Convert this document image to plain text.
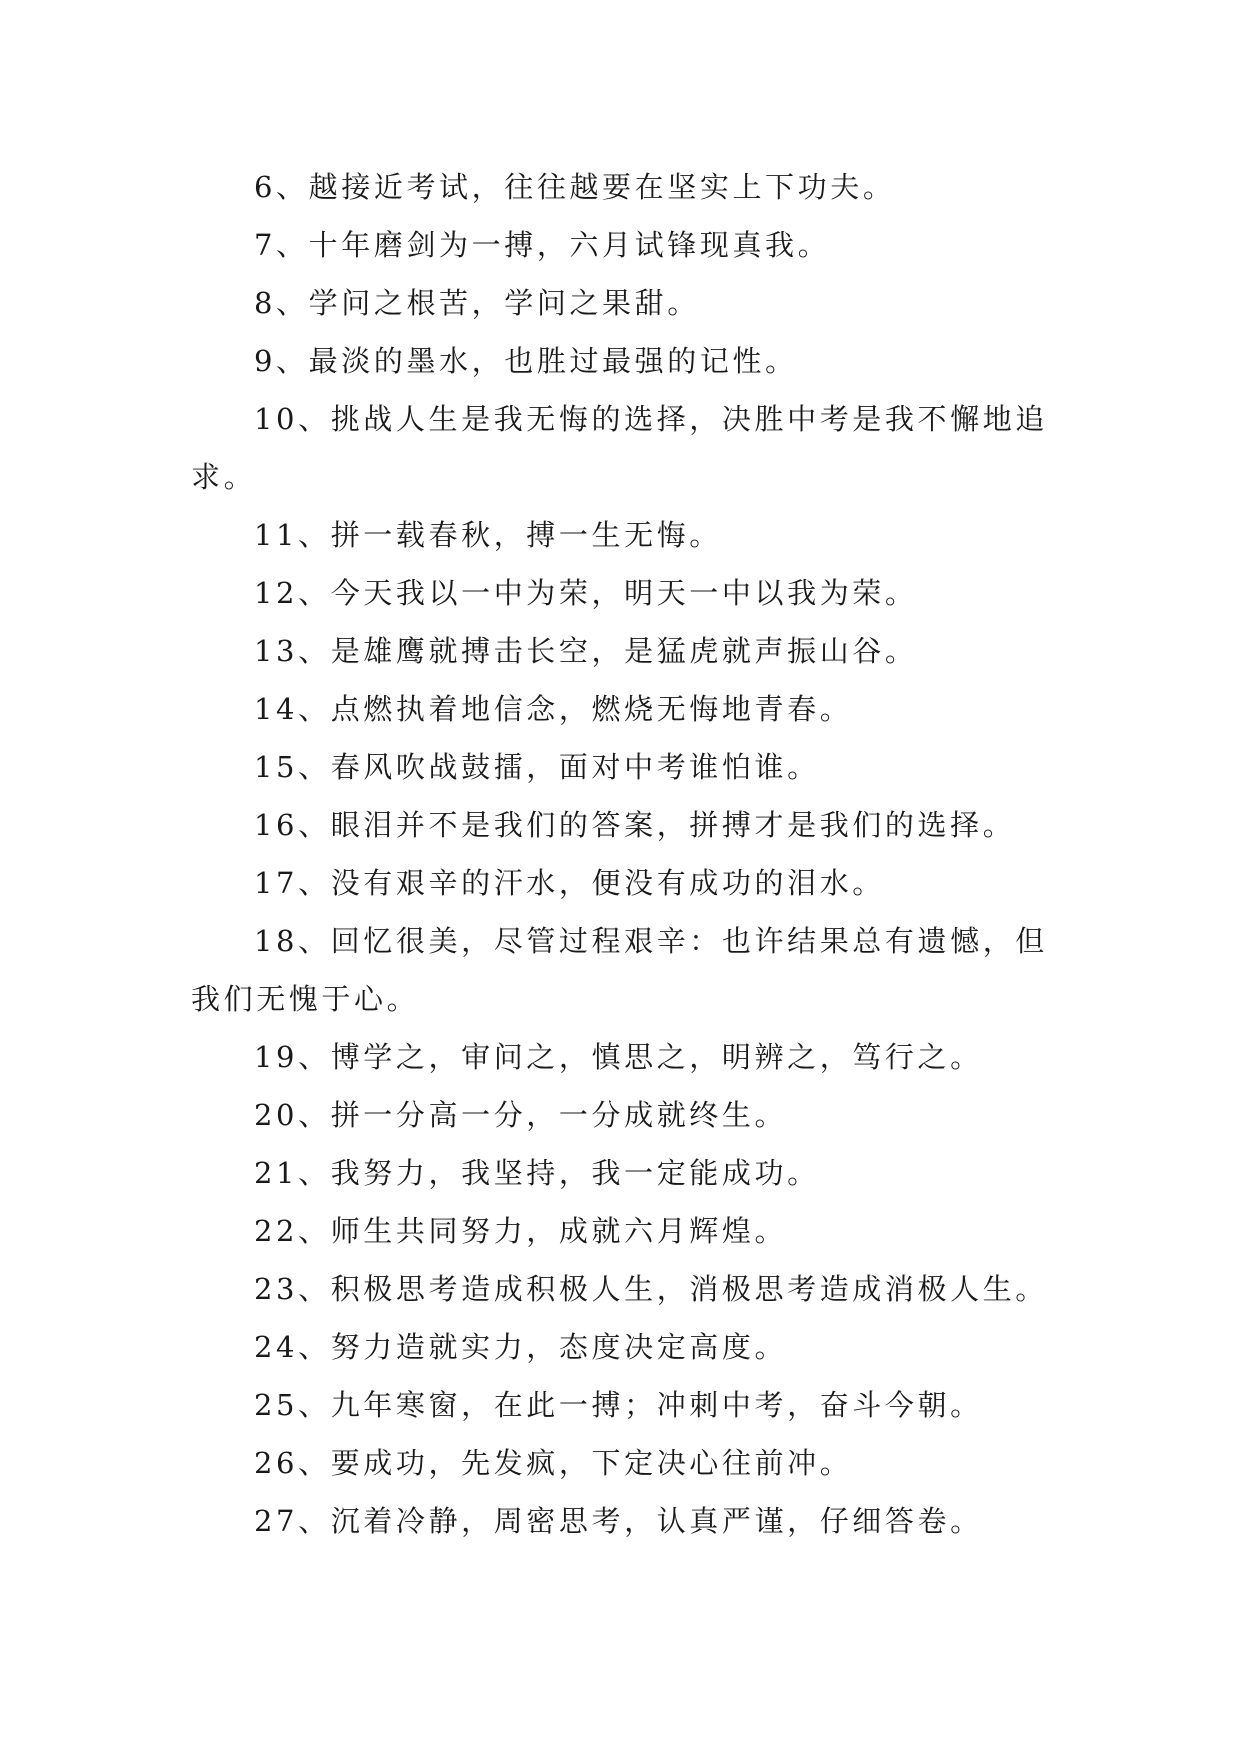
6、越接近考试，往往越要在坚实上下功夫。

7、十年磨剑为一搏，六月试锋现真我。

8、学问之根苦，学问之果甜。

9、最淡的墨水，也胜过最强的记性。

10、挑战人生是我无悔的选择，决胜中考是我不懈地追求。

11、拼一载春秋，搏一生无悔。

12、今天我以一中为荣，明天一中以我为荣。

13、是雄鹰就搏击长空，是猛虎就声振山谷。

14、点燃执着地信念，燃烧无悔地青春。

15、春风吹战鼓擂，面对中考谁怕谁。

16、眼泪并不是我们的答案，拼搏才是我们的选择。

17、没有艰辛的汗水，便没有成功的泪水。

18、回忆很美，尽管过程艰辛：也许结果总有遗憾，但我们无愧于心。

19、博学之，审问之，慎思之，明辨之，笃行之。

20、拼一分高一分，一分成就终生。

21、我努力，我坚持，我一定能成功。

22、师生共同努力，成就六月辉煌。

23、积极思考造成积极人生，消极思考造成消极人生。

24、努力造就实力，态度决定高度。

25、九年寒窗，在此一搏；冲刺中考，奋斗今朝。

26、要成功，先发疯，下定决心往前冲。

27、沉着冷静，周密思考，认真严谨，仔细答卷。
